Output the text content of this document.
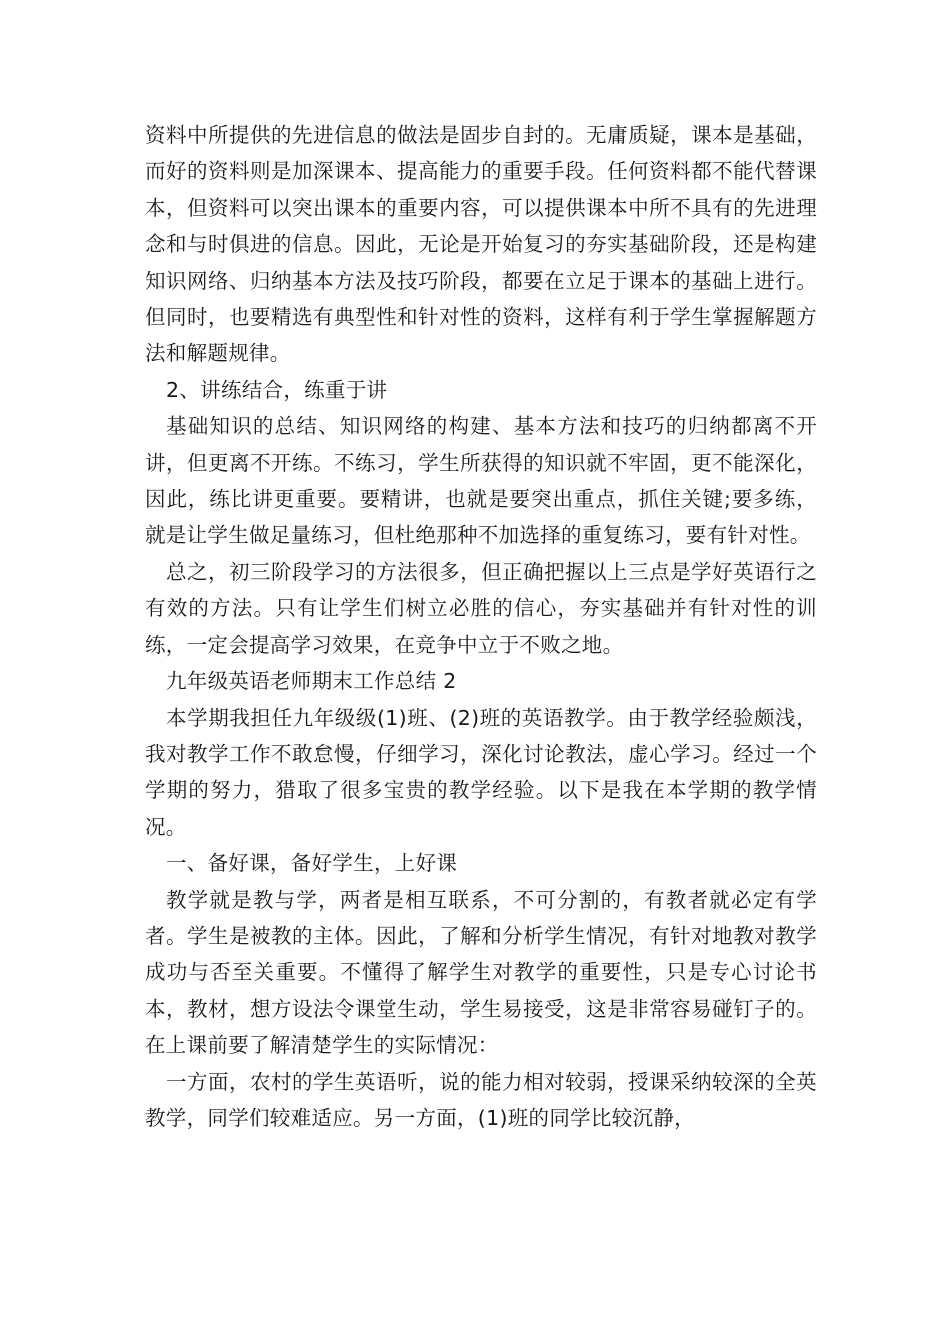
资料中所提供的先进信息的做法是固步自封的。无庸质疑，课本是基础，而好的资料则是加深课本、提高能力的重要手段。任何资料都不能代替课本，但资料可以突出课本的重要内容，可以提供课本中所不具有的先进理念和与时俱进的信息。因此，无论是开始复习的夯实基础阶段，还是构建知识网络、归纳基本方法及技巧阶段，都要在立足于课本的基础上进行。但同时，也要精选有典型性和针对性的资料，这样有利于学生掌握解题方法和解题规律。

2、讲练结合，练重于讲

基础知识的总结、知识网络的构建、基本方法和技巧的归纳都离不开讲，但更离不开练。不练习，学生所获得的知识就不牢固，更不能深化，因此，练比讲更重要。要精讲，也就是要突出重点，抓住关键;要多练，就是让学生做足量练习，但杜绝那种不加选择的重复练习，要有针对性。

总之，初三阶段学习的方法很多，但正确把握以上三点是学好英语行之有效的方法。只有让学生们树立必胜的信心，夯实基础并有针对性的训练，一定会提高学习效果，在竞争中立于不败之地。

九年级英语老师期末工作总结 2

本学期我担任九年级级(1)班、(2)班的英语教学。由于教学经验颇浅，我对教学工作不敢怠慢，仔细学习，深化讨论教法，虚心学习。经过一个学期的努力，猎取了很多宝贵的教学经验。以下是我在本学期的教学情况。

一、备好课，备好学生，上好课

教学就是教与学，两者是相互联系，不可分割的，有教者就必定有学者。学生是被教的主体。因此，了解和分析学生情况，有针对地教对教学成功与否至关重要。不懂得了解学生对教学的重要性，只是专心讨论书本，教材，想方设法令课堂生动，学生易接受，这是非常容易碰钉子的。在上课前要了解清楚学生的实际情况：

一方面，农村的学生英语听，说的能力相对较弱，授课采纳较深的全英教学，同学们较难适应。另一方面，(1)班的同学比较沉静，
